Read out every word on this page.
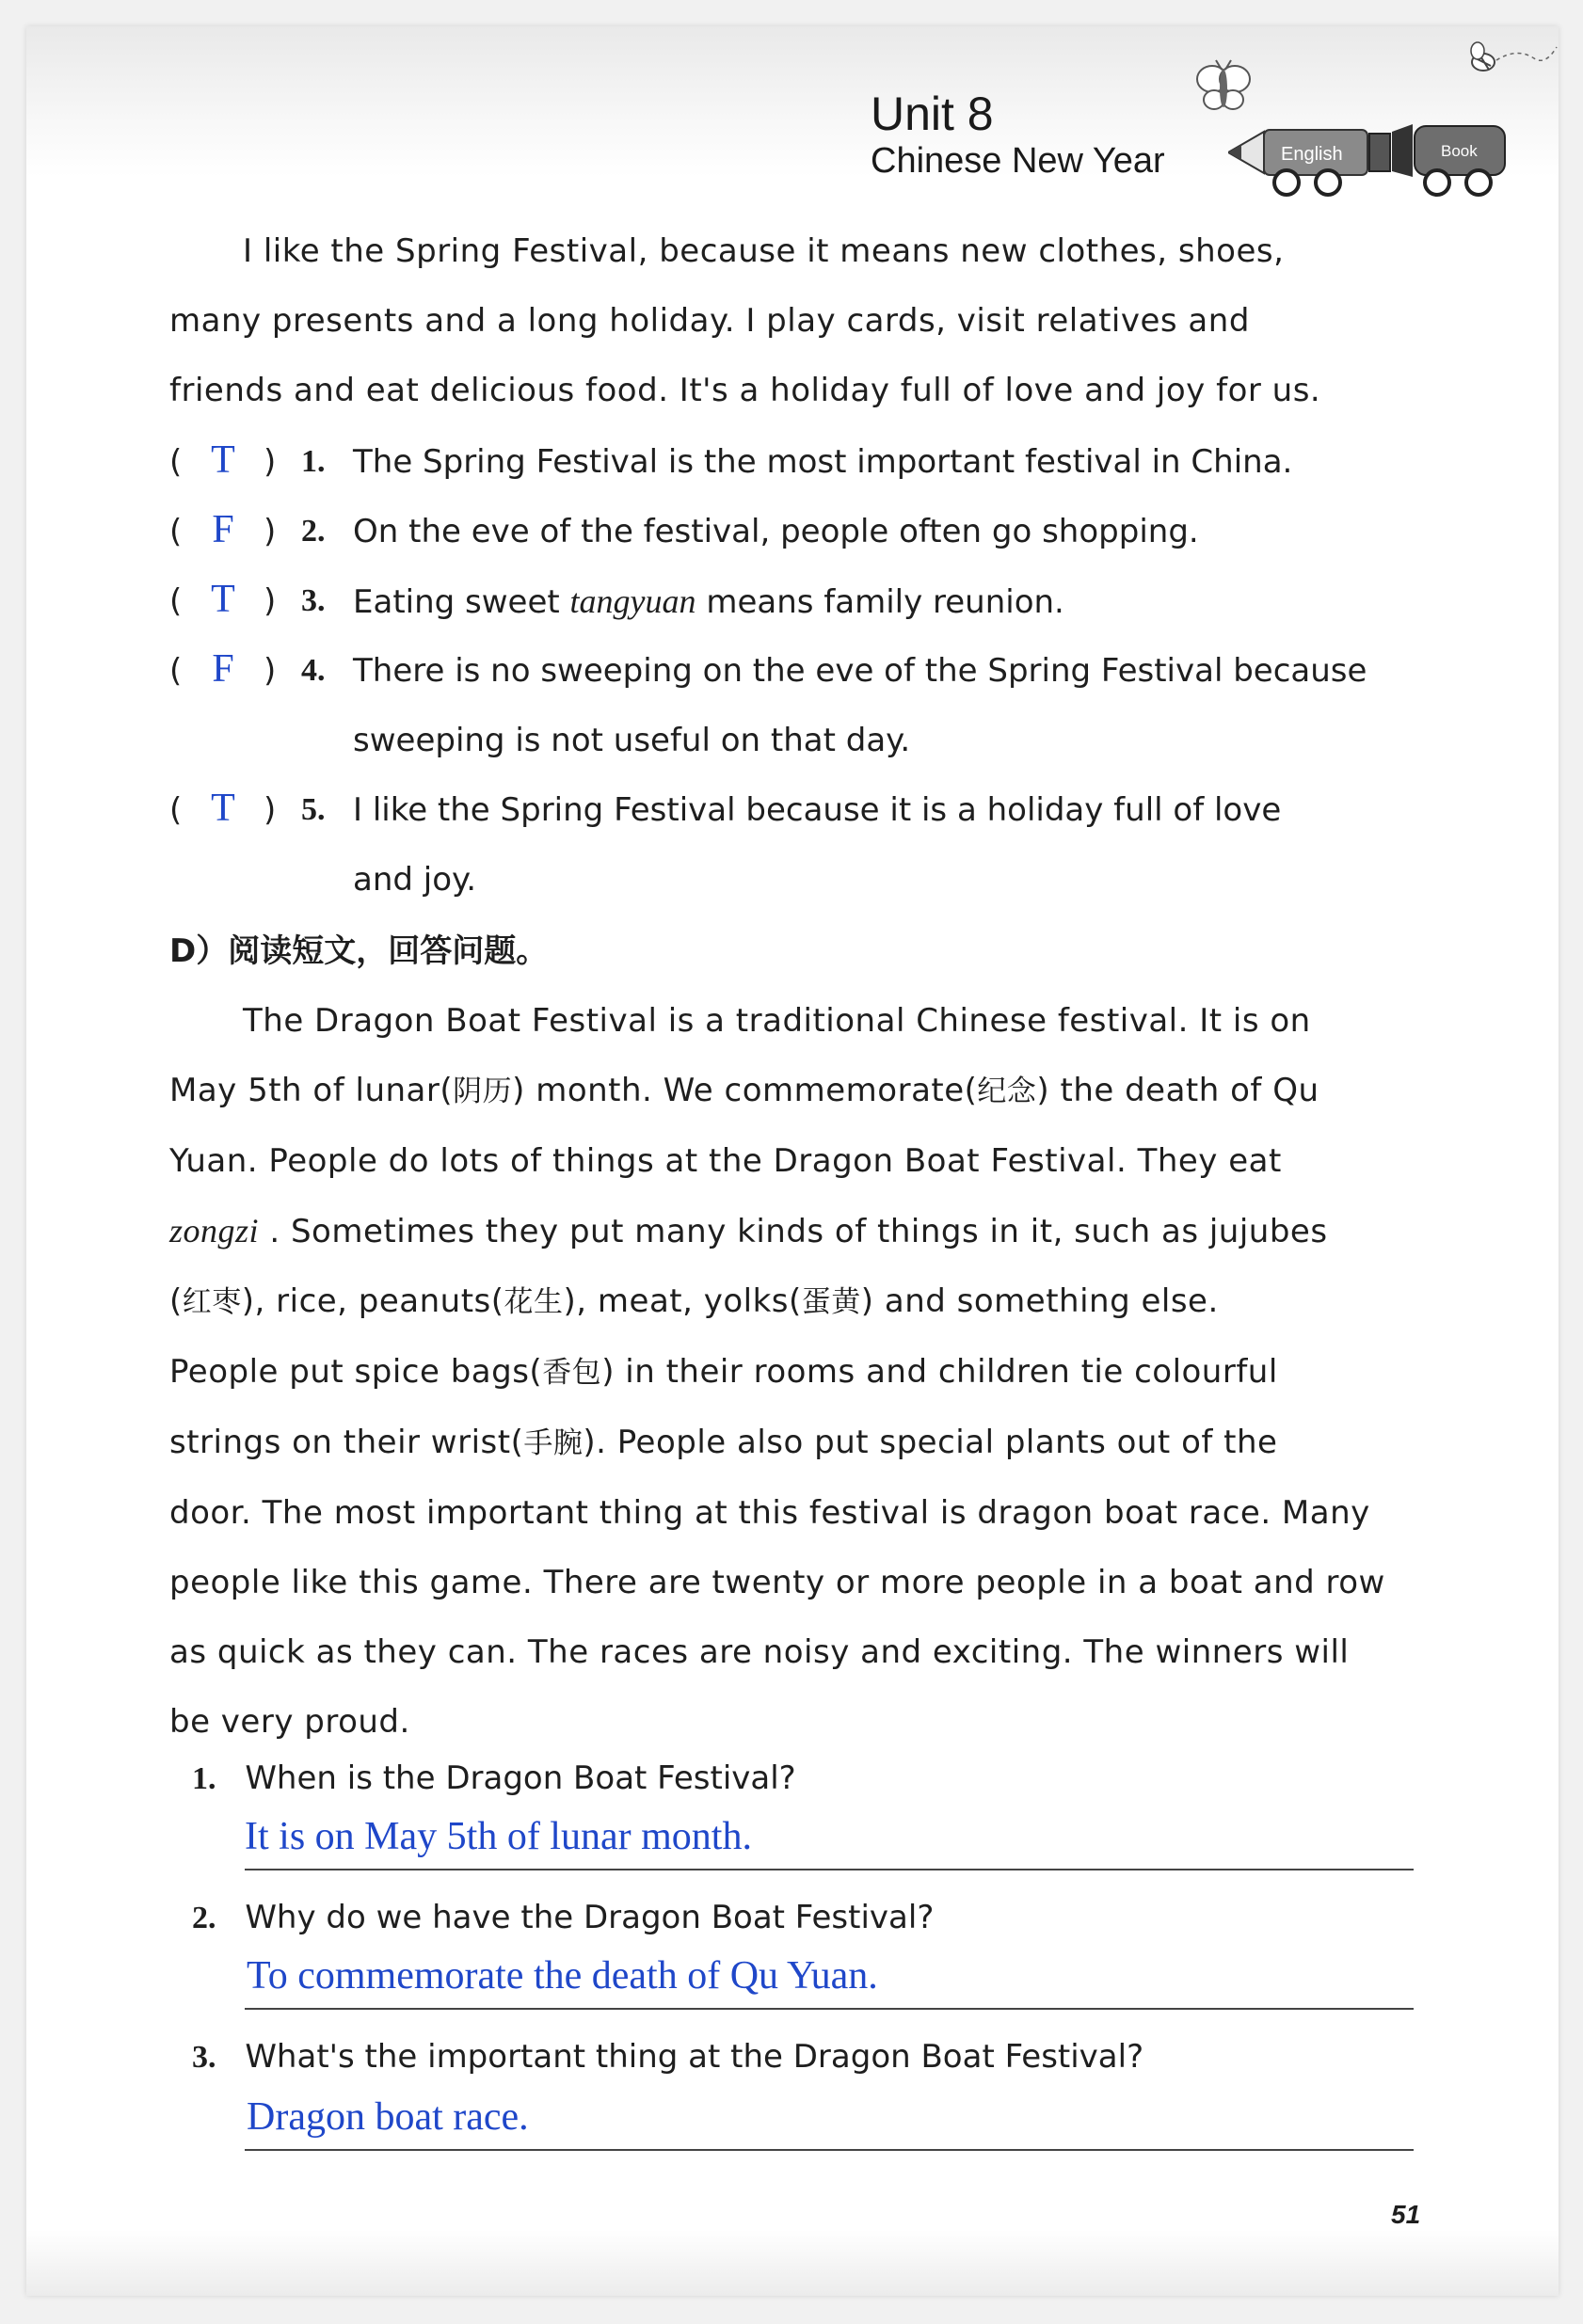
Unit 8
Chinese New Year	English	Book

I like the Spring Festival, because it means new clothes, shoes,
many presents and a long holiday. I play cards, visit relatives and
friends and eat delicious food. It's a holiday full of love and joy for us.

( T ) 1. The Spring Festival is the most important festival in China.
( F ) 2. On the eve of the festival, people often go shopping.
( T ) 3. Eating sweet tangyuan means family reunion.
( F ) 4. There is no sweeping on the eve of the Spring Festival because
sweeping is not useful on that day.
( T ) 5. I like the Spring Festival because it is a holiday full of love
and joy.
D）阅读短文，回答问题。

The Dragon Boat Festival is a traditional Chinese festival. It is on
May 5th of lunar(阴历) month. We commemorate(纪念) the death of Qu
Yuan. People do lots of things at the Dragon Boat Festival. They eat
zongzi . Sometimes they put many kinds of things in it, such as jujubes
(红枣), rice, peanuts(花生), meat, yolks(蛋黄) and something else.
People put spice bags(香包) in their rooms and children tie colourful
strings on their wrist(手腕). People also put special plants out of the
door. The most important thing at this festival is dragon boat race. Many
people like this game. There are twenty or more people in a boat and row
as quick as they can. The races are noisy and exciting. The winners will
be very proud.

1. When is the Dragon Boat Festival?
It is on May 5th of lunar month.
2. Why do we have the Dragon Boat Festival?
To commemorate the death of Qu Yuan.
3. What's the important thing at the Dragon Boat Festival?
Dragon boat race.
51
